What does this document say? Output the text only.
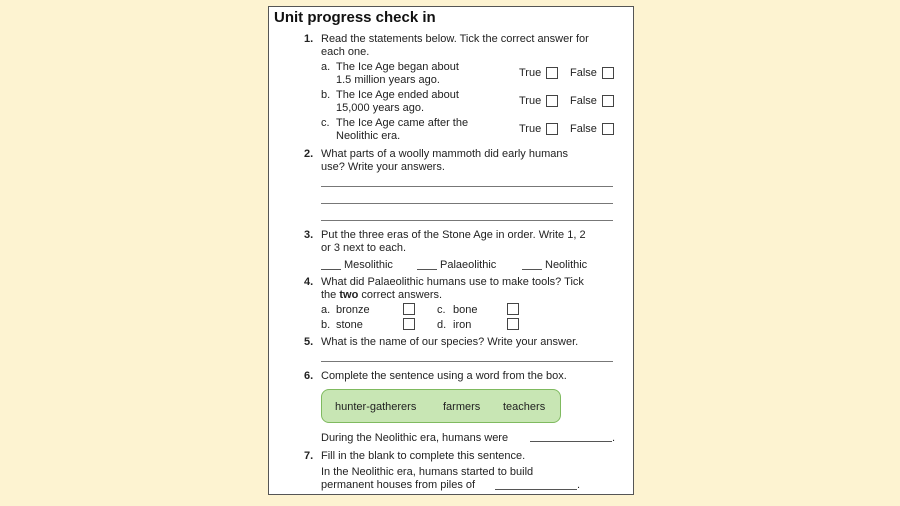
Unit progress check in
1. Read the statements below. Tick the correct answer for
each one.
a. The Ice Age began about
1.5 million years ago.
True	False
b. The Ice Age ended about
15,000 years ago.
True	False
c. The Ice Age came after the
Neolithic era.
True	False
2. What parts of a woolly mammoth did early humans
use? Write your answers.
3. Put the three eras of the Stone Age in order. Write 1, 2
or 3 next to each.
Mesolithic	Palaeolithic	Neolithic
4. What did Palaeolithic humans use to make tools? Tick
the two correct answers.
a. bronze	c. bone
b. stone	d. iron
5. What is the name of our species? Write your answer.
6. Complete the sentence using a word from the box.
hunter-gatherers farmers teachers
During the Neolithic era, humans were	.
7. Fill in the blank to complete this sentence.
In the Neolithic era, humans started to build
permanent houses from piles of	.
